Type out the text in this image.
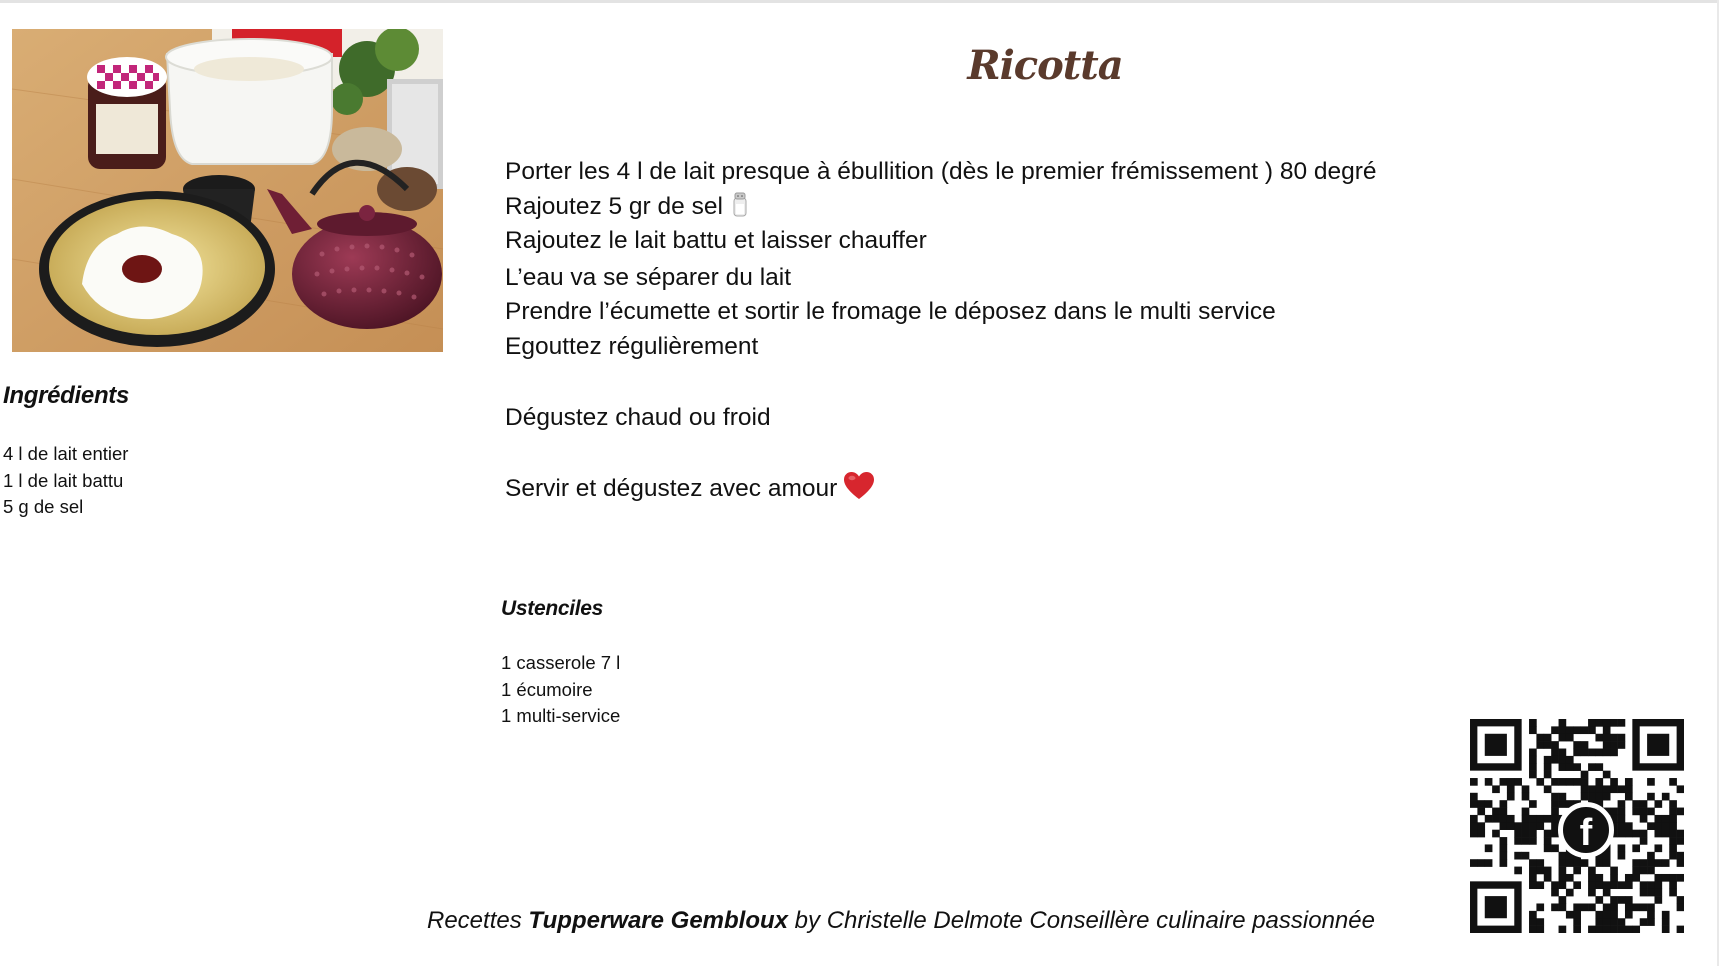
Ingrédients
4 l de lait entier
1 l de lait battu
5 g de sel
Ricotta
Porter les 4 l de lait presque à ébullition (dès le premier frémissement ) 80 degré
Rajoutez 5 gr de sel
Rajoutez le lait battu et laisser chauffer
L’eau va se séparer du lait
Prendre l’écumette et sortir le fromage le déposez dans le multi service
Egouttez régulièrement
Dégustez chaud ou froid
Servir et dégustez avec amour
Ustenciles
1 casserole 7 l
1 écumoire
1 multi-service
Recettes Tupperware Gembloux by Christelle Delmote Conseillère culinaire passionnée
f
